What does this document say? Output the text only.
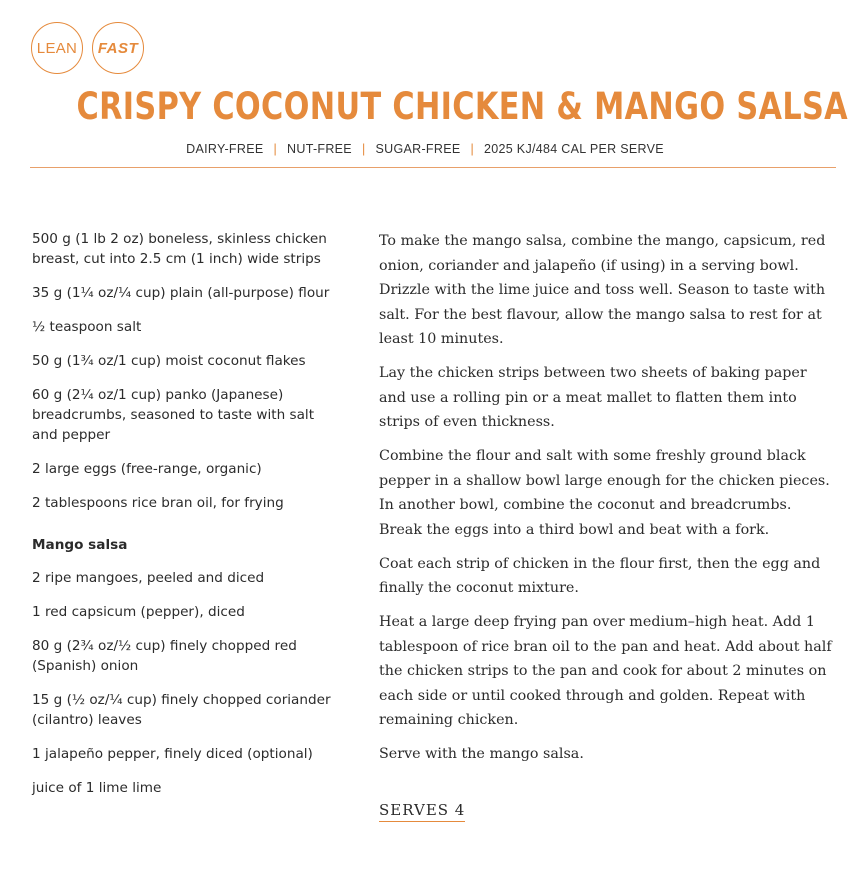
LEAN	FAST
CRISPY COCONUT CHICKEN & MANGO SALSA
DAIRY-FREE | NUT-FREE | SUGAR-FREE | 2025 KJ/484 CAL PER SERVE

500 g (1 lb 2 oz) boneless, skinless chicken breast, cut into 2.5 cm (1 inch) wide strips

35 g (1¼ oz/¼ cup) plain (all-purpose) flour

½ teaspoon salt

50 g (1¾ oz/1 cup) moist coconut flakes

60 g (2¼ oz/1 cup) panko (Japanese) breadcrumbs, seasoned to taste with salt and pepper

2 large eggs (free-range, organic)

2 tablespoons rice bran oil, for frying

Mango salsa

2 ripe mangoes, peeled and diced

1 red capsicum (pepper), diced

80 g (2¾ oz/½ cup) finely chopped red (Spanish) onion

15 g (½ oz/¼ cup) finely chopped coriander (cilantro) leaves

1 jalapeño pepper, finely diced (optional)

juice of 1 lime lime

To make the mango salsa, combine the mango, capsicum, red onion, coriander and jalapeño (if using) in a serving bowl. Drizzle with the lime juice and toss well. Season to taste with salt. For the best flavour, allow the mango salsa to rest for at least 10 minutes.

Lay the chicken strips between two sheets of baking paper and use a rolling pin or a meat mallet to flatten them into strips of even thickness.

Combine the flour and salt with some freshly ground black pepper in a shallow bowl large enough for the chicken pieces. In another bowl, combine the coconut and breadcrumbs. Break the eggs into a third bowl and beat with a fork.

Coat each strip of chicken in the flour first, then the egg and finally the coconut mixture.

Heat a large deep frying pan over medium–high heat. Add 1 tablespoon of rice bran oil to the pan and heat. Add about half the chicken strips to the pan and cook for about 2 minutes on each side or until cooked through and golden. Repeat with remaining chicken.

Serve with the mango salsa.

SERVES 4
